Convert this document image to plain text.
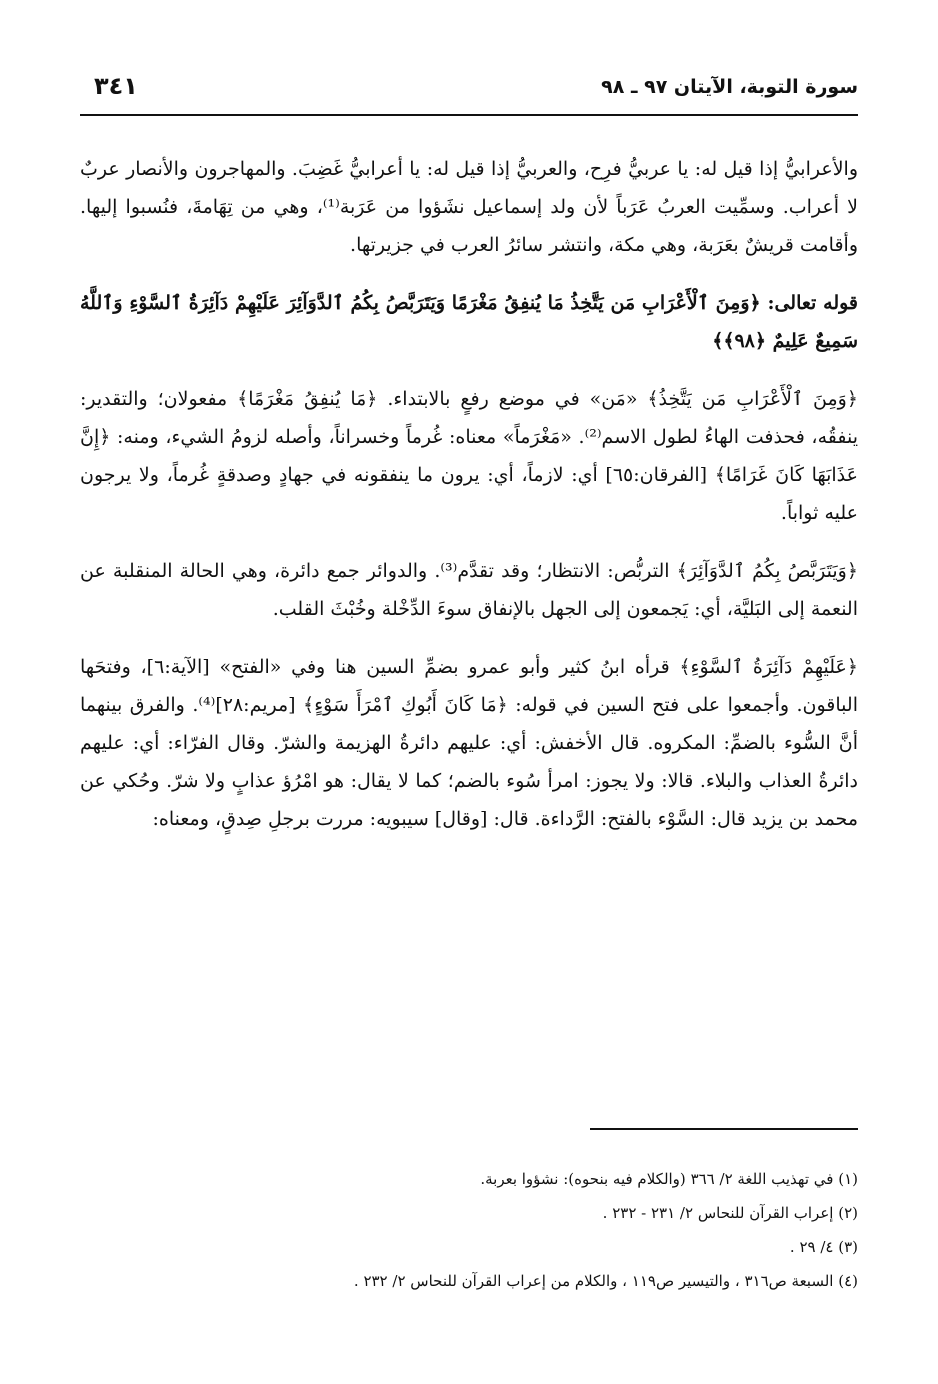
سورة التوبة، الآيتان ٩٧ ـ ٩٨
٣٤١

والأعرابيُّ إذا قيل له: يا عربيُّ فرِح، والعربيُّ إذا قيل له: يا أعرابيُّ غَضِبَ. والمهاجرون والأنصار عربٌ لا أعراب. وسمِّيت العربُ عَرَباً لأن ولد إسماعيل نشَؤوا من عَرَبة⁽¹⁾، وهي من تِهَامةَ، فنُسبوا إليها. وأقامت قريشٌ بعَرَبة، وهي مكة، وانتشر سائرُ العرب في جزيرتها.

قوله تعالى: ﴿وَمِنَ ٱلْأَعْرَابِ مَن يَتَّخِذُ مَا يُنفِقُ مَغْرَمًا وَيَتَرَبَّصُ بِكُمُ ٱلدَّوَآئِرَ عَلَيْهِمْ دَآئِرَةُ ٱلسَّوْءِ وَٱللَّهُ سَمِيعٌ عَلِيمٌ ﴿٩٨﴾﴾

﴿وَمِنَ ٱلْأَعْرَابِ مَن يَتَّخِذُ﴾ «مَن» في موضع رفعٍ بالابتداء. ﴿مَا يُنفِقُ مَغْرَمًا﴾ مفعولان؛ والتقدير: ينفقُه، فحذفت الهاءُ لطول الاسم⁽²⁾. «مَغْرَماً» معناه: غُرماً وخسراناً، وأصله لزومُ الشيء، ومنه: ﴿إِنَّ عَذَابَهَا كَانَ غَرَامًا﴾ [الفرقان:٦٥] أي: لازماً، أي: يرون ما ينفقونه في جهادٍ وصدقةٍ غُرماً، ولا يرجون عليه ثواباً.

﴿وَيَتَرَبَّصُ بِكُمُ ٱلدَّوَآئِرَ﴾ التربُّص: الانتظار؛ وقد تقدَّم⁽³⁾. والدوائر جمع دائرة، وهي الحالة المنقلبة عن النعمة إلى البَليَّة، أي: يَجمعون إلى الجهل بالإنفاق سوءَ الدِّخْلة وخُبْثَ القلب.

﴿عَلَيْهِمْ دَآئِرَةُ ٱلسَّوْءِ﴾ قرأه ابنُ كثير وأبو عمرو بضمِّ السين هنا وفي «الفتح» [الآية:٦]، وفتحَها الباقون. وأجمعوا على فتح السين في قوله: ﴿مَا كَانَ أَبُوكِ ٱمْرَأَ سَوْءٍ﴾ [مريم:٢٨]⁽⁴⁾. والفرق بينهما أنَّ السُّوء بالضمِّ: المكروه. قال الأخفش: أي: عليهم دائرةُ الهزيمة والشرّ. وقال الفرّاء: أي: عليهم دائرةُ العذاب والبلاء. قالا: ولا يجوز: امرأ سُوء بالضم؛ كما لا يقال: هو امْرُؤ عذابٍ ولا شرّ. وحُكي عن محمد بن يزيد قال: السَّوْء بالفتح: الرَّداءة. قال: [وقال] سيبويه: مررت برجلِ صِدقٍ، ومعناه:

(١) في تهذيب اللغة ٢/ ٣٦٦ (والكلام فيه بنحوه): نشؤوا بعربة.
(٢) إعراب القرآن للنحاس ٢/ ٢٣١ - ٢٣٢ .
(٣) ٤/ ٢٩ .
(٤) السبعة ص٣١٦ ، والتيسير ص١١٩ ، والكلام من إعراب القرآن للنحاس ٢/ ٢٣٢ .
